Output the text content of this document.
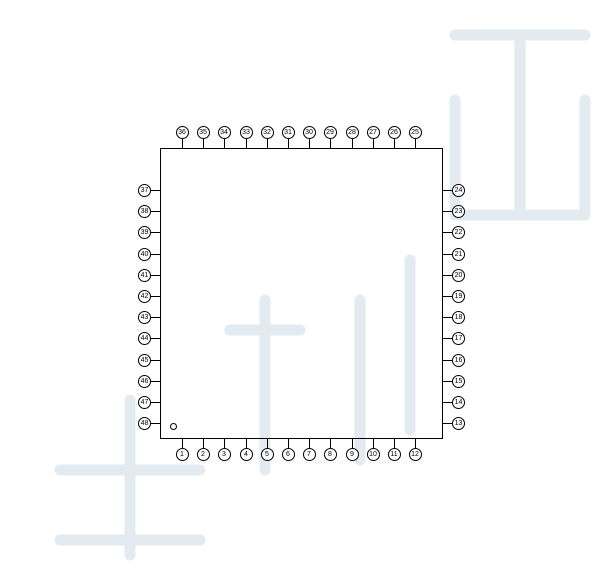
36	35	34	33	32	31	30	29	28	27	26	25
37
38
39
40
41
42
43
44
45
46
47
48
24
23
22
21
20
19
18
17
16
15
14
13
1	2	3	4	5	6	7	8	9	10	11	12
